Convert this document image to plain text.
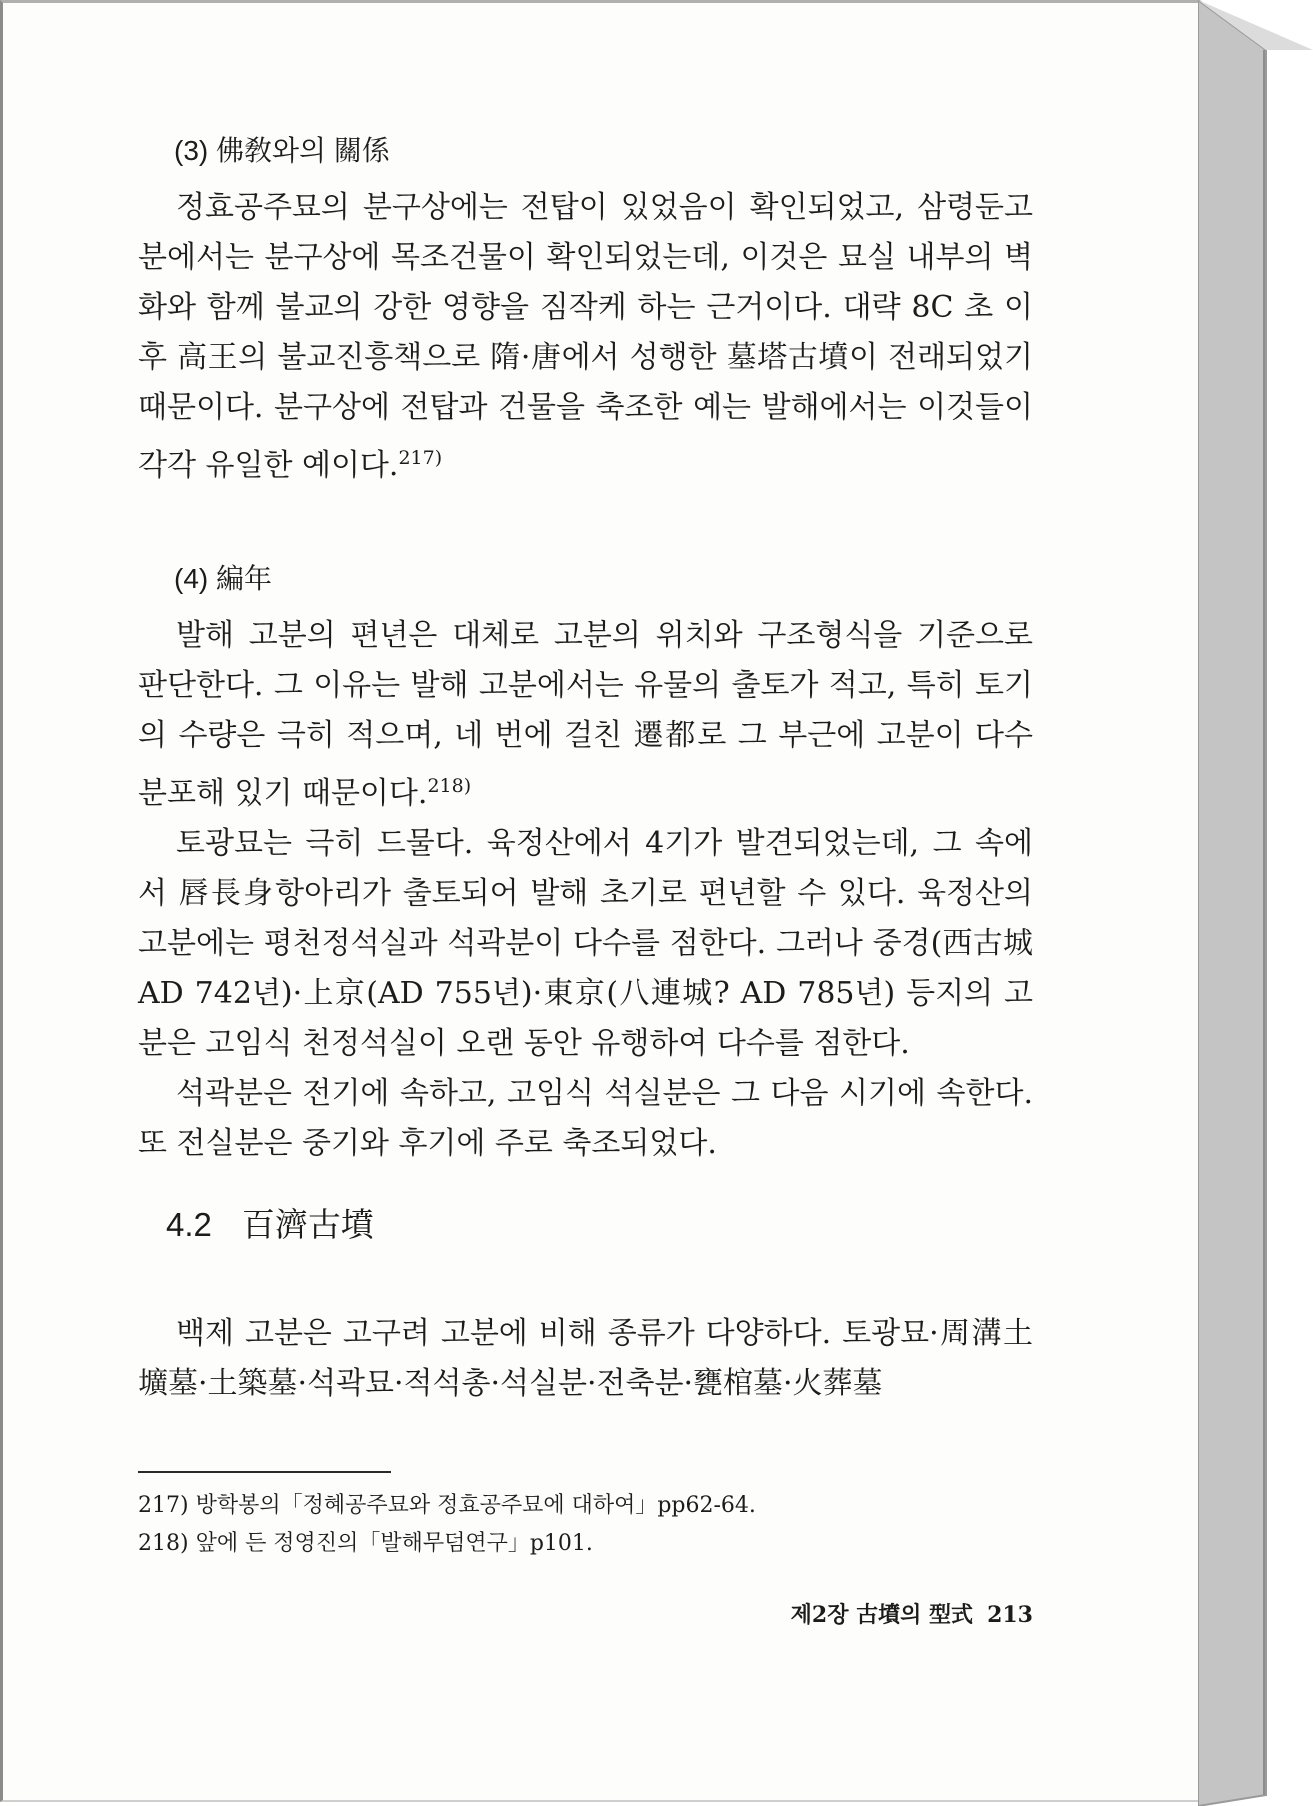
(3) 佛敎와의 關係

정효공주묘의 분구상에는 전탑이 있었음이 확인되었고, 삼령둔고분에서는 분구상에 목조건물이 확인되었는데, 이것은 묘실 내부의 벽화와 함께 불교의 강한 영향을 짐작케 하는 근거이다. 대략 8C 초 이후 高王의 불교진흥책으로 隋·唐에서 성행한 墓塔古墳이 전래되었기 때문이다. 분구상에 전탑과 건물을 축조한 예는 발해에서는 이것들이 각각 유일한 예이다.$^{217)}$

(4) 編年

발해 고분의 편년은 대체로 고분의 위치와 구조형식을 기준으로 판단한다. 그 이유는 발해 고분에서는 유물의 출토가 적고, 특히 토기의 수량은 극히 적으며, 네 번에 걸친 遷都로 그 부근에 고분이 다수 분포해 있기 때문이다.$^{218)}$

토광묘는 극히 드물다. 육정산에서 4기가 발견되었는데, 그 속에서 唇長身항아리가 출토되어 발해 초기로 편년할 수 있다. 육정산의 고분에는 평천정석실과 석곽분이 다수를 점한다. 그러나 중경(西古城 AD 742년)·上京(AD 755년)·東京(八連城? AD 785년) 등지의 고분은 고임식 천정석실이 오랜 동안 유행하여 다수를 점한다.

석곽분은 전기에 속하고, 고임식 석실분은 그 다음 시기에 속한다. 또 전실분은 중기와 후기에 주로 축조되었다.

4.2 百濟古墳

백제 고분은 고구려 고분에 비해 종류가 다양하다. 토광묘·周溝土壙墓·土築墓·석곽묘·적석총·석실분·전축분·甕棺墓·火葬墓

217) 방학봉의「정혜공주묘와 정효공주묘에 대하여」pp62-64.

218) 앞에 든 정영진의「발해무덤연구」p101.

제2장 古墳의 型式 213
